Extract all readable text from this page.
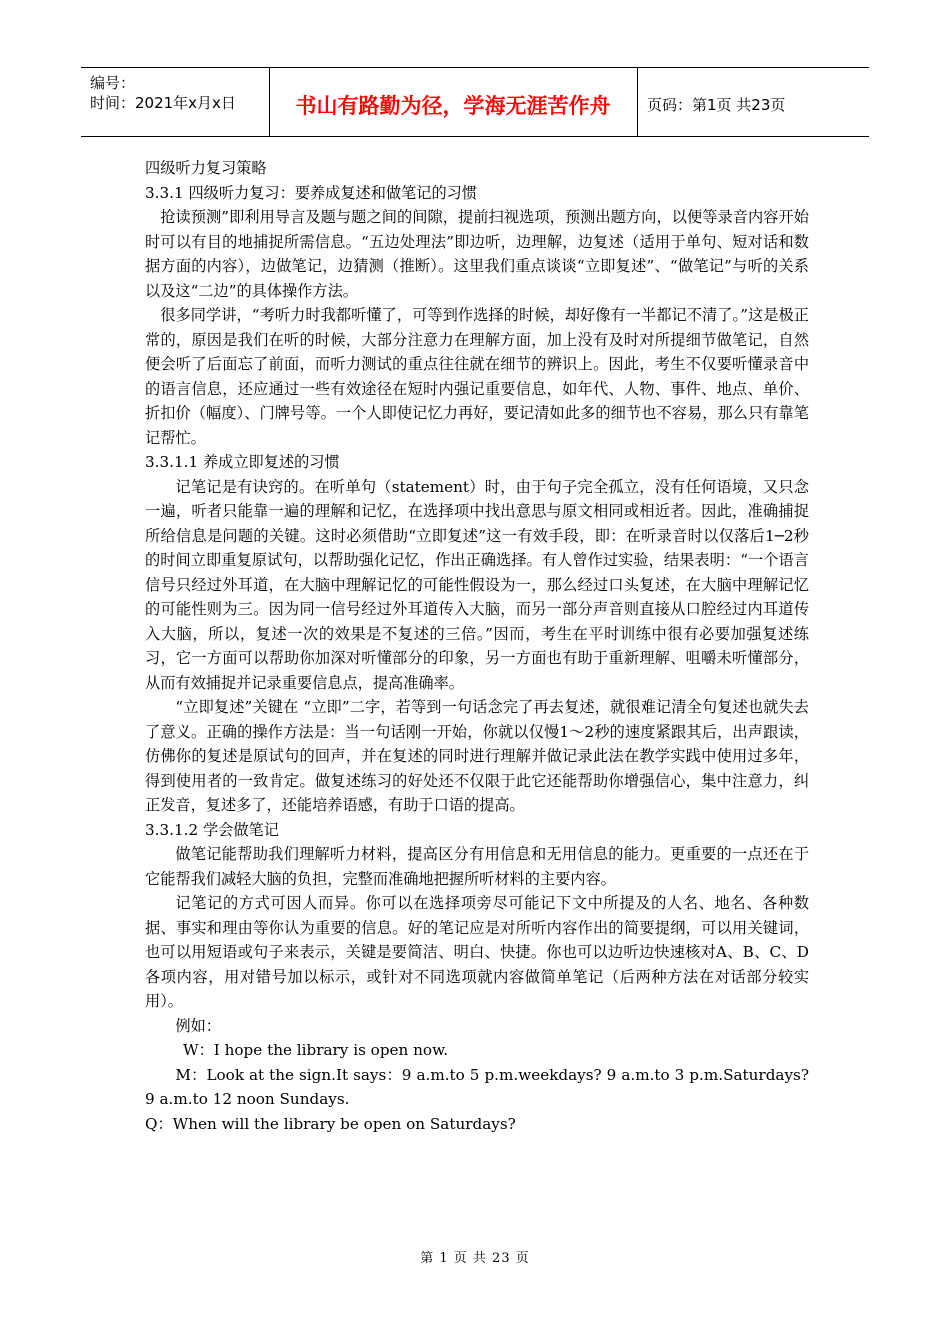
编号：
时间：2021年x月x日	书山有路勤为径，学海无涯苦作舟	页码：第1页 共23页

四级听力复习策略

3.3.1 四级听力复习：要养成复述和做笔记的习惯

抢读预测”即利用导言及题与题之间的间隙，提前扫视选项，预测出题方向，以便等录音内容开始时可以有目的地捕捉所需信息。“五边处理法”即边听，边理解，边复述（适用于单句、短对话和数据方面的内容），边做笔记，边猜测（推断）。这里我们重点谈谈“立即复述”、“做笔记”与听的关系以及这“二边”的具体操作方法。

很多同学讲，“考听力时我都听懂了，可等到作选择的时候，却好像有一半都记不清了。”这是极正常的，原因是我们在听的时候，大部分注意力在理解方面，加上没有及时对所提细节做笔记，自然便会听了后面忘了前面，而听力测试的重点往往就在细节的辨识上。因此，考生不仅要听懂录音中的语言信息，还应通过一些有效途径在短时内强记重要信息，如年代、人物、事件、地点、单价、折扣价（幅度）、门牌号等。一个人即使记忆力再好，要记清如此多的细节也不容易，那么只有靠笔记帮忙。

3.3.1.1 养成立即复述的习惯

记笔记是有诀窍的。在听单句（statement）时，由于句子完全孤立，没有任何语境，又只念一遍，听者只能靠一遍的理解和记忆，在选择项中找出意思与原文相同或相近者。因此，准确捕捉所给信息是问题的关键。这时必须借助“立即复述”这一有效手段，即：在听录音时以仅落后1─2秒的时间立即重复原试句，以帮助强化记忆，作出正确选择。有人曾作过实验，结果表明：“一个语言信号只经过外耳道，在大脑中理解记忆的可能性假设为一，那么经过口头复述，在大脑中理解记忆的可能性则为三。因为同一信号经过外耳道传入大脑，而另一部分声音则直接从口腔经过内耳道传入大脑，所以，复述一次的效果是不复述的三倍。”因而，考生在平时训练中很有必要加强复述练习，它一方面可以帮助你加深对听懂部分的印象，另一方面也有助于重新理解、咀嚼未听懂部分，从而有效捕捉并记录重要信息点，提高准确率。

“立即复述”关键在 “立即”二字，若等到一句话念完了再去复述，就很难记清全句复述也就失去了意义。正确的操作方法是：当一句话刚一开始，你就以仅慢1～2秒的速度紧跟其后，出声跟读，仿佛你的复述是原试句的回声，并在复述的同时进行理解并做记录此法在教学实践中使用过多年，得到使用者的一致肯定。做复述练习的好处还不仅限于此它还能帮助你增强信心，集中注意力，纠正发音，复述多了，还能培养语感，有助于口语的提高。

3.3.1.2 学会做笔记

做笔记能帮助我们理解听力材料，提高区分有用信息和无用信息的能力。更重要的一点还在于它能帮我们减轻大脑的负担，完整而准确地把握所听材料的主要内容。

记笔记的方式可因人而异。你可以在选择项旁尽可能记下文中所提及的人名、地名、各种数据、事实和理由等你认为重要的信息。好的笔记应是对所听内容作出的简要提纲，可以用关键词，也可以用短语或句子来表示，关键是要简洁、明白、快捷。你也可以边听边快速核对A、B、C、D各项内容，用对错号加以标示，或针对不同选项就内容做简单笔记（后两种方法在对话部分较实用）。

例如：

W：I hope the library is open now.

M：Look at the sign.It says：9 a.m.to 5 p.m.weekdays? 9 a.m.to 3 p.m.Saturdays?9 a.m.to 12 noon Sundays.

Q：When will the library be open on Saturdays?

第 1 页 共 23 页
